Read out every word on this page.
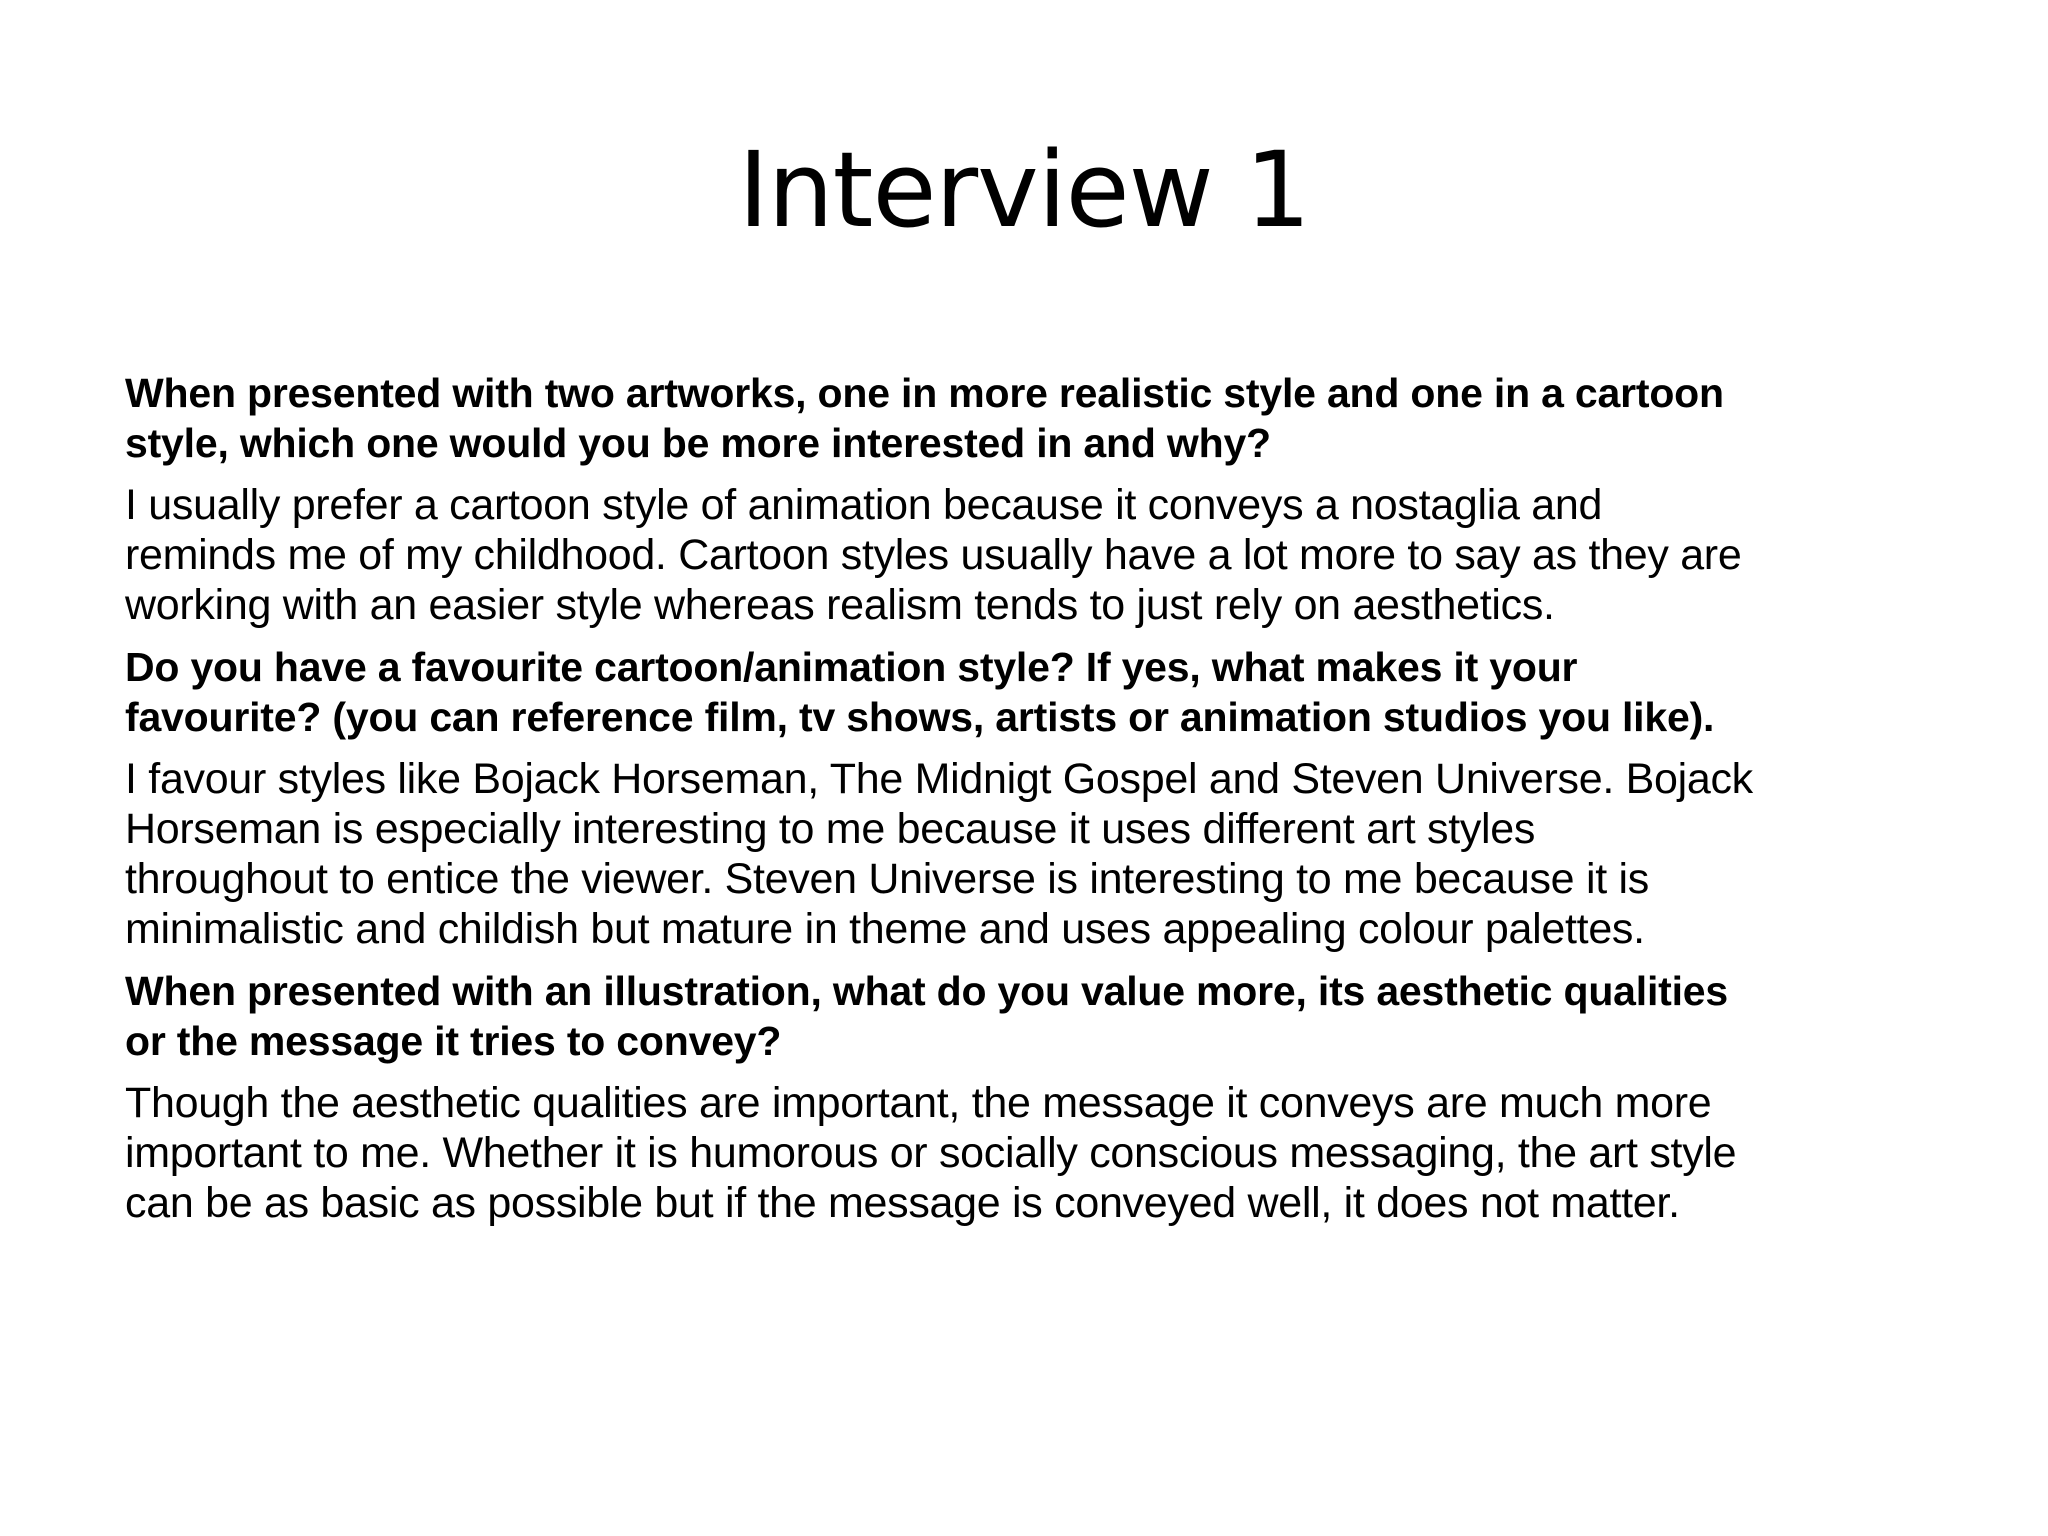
Interview 1
When presented with two artworks, one in more realistic style and one in a cartoon
style, which one would you be more interested in and why?
I usually prefer a cartoon style of animation because it conveys a nostaglia and
reminds me of my childhood. Cartoon styles usually have a lot more to say as they are
working with an easier style whereas realism tends to just rely on aesthetics.
Do you have a favourite cartoon/animation style? If yes, what makes it your
favourite? (you can reference film, tv shows, artists or animation studios you like).
I favour styles like Bojack Horseman, The Midnigt Gospel and Steven Universe. Bojack
Horseman is especially interesting to me because it uses different art styles
throughout to entice the viewer. Steven Universe is interesting to me because it is
minimalistic and childish but mature in theme and uses appealing colour palettes.
When presented with an illustration, what do you value more, its aesthetic qualities
or the message it tries to convey?
Though the aesthetic qualities are important, the message it conveys are much more
important to me. Whether it is humorous or socially conscious messaging, the art style
can be as basic as possible but if the message is conveyed well, it does not matter.
